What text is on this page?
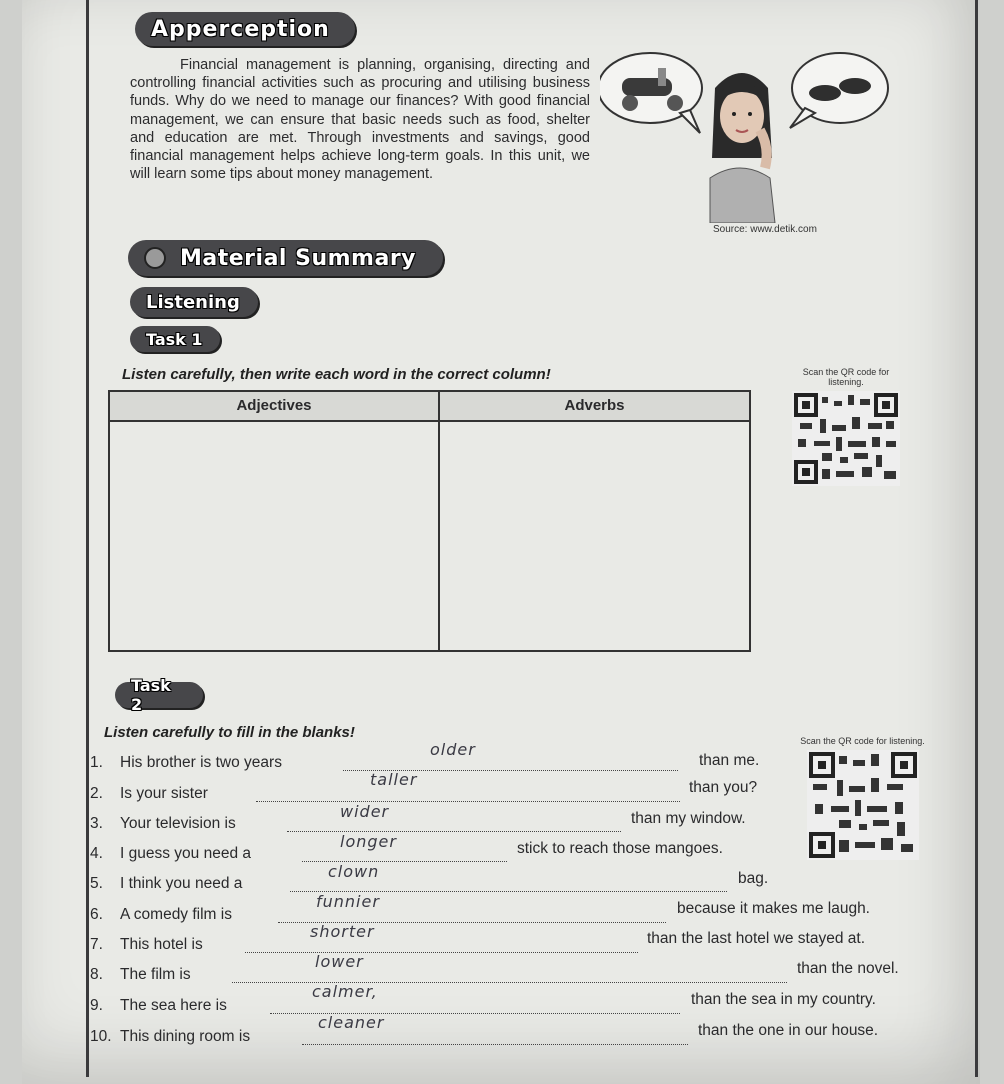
Apperception

Financial management is planning, organising, directing and controlling financial activities such as procuring and utilising business funds. Why do we need to manage our finances? With good financial management, we can ensure that basic needs such as food, shelter and education are met. Through investments and savings, good financial management helps achieve long-term goals. In this unit, we will learn some tips about money management.

Source: www.detik.com
Material Summary
Listening
Task 1
Listen carefully, then write each word in the correct column!
Adjectives	Adverbs
Scan the QR code for listening.
Task 2
Listen carefully to fill in the blanks!	Scan the QR code for listening.
1. His brother is two years
older
than me.
2. Is your sister
taller	than you?
3. Your television is
wider	than my window.
4. I guess you need a
longer	stick to reach those mangoes.
5. I think you need a
clown	bag.
6. A comedy film is
funnier	because it makes me laugh.
7. This hotel is
shorter	than the last hotel we stayed at.
8. The film is
lower	than the novel.
9. The sea here is
calmer,	than the sea in my country.
10. This dining room is
cleaner	than the one in our house.
